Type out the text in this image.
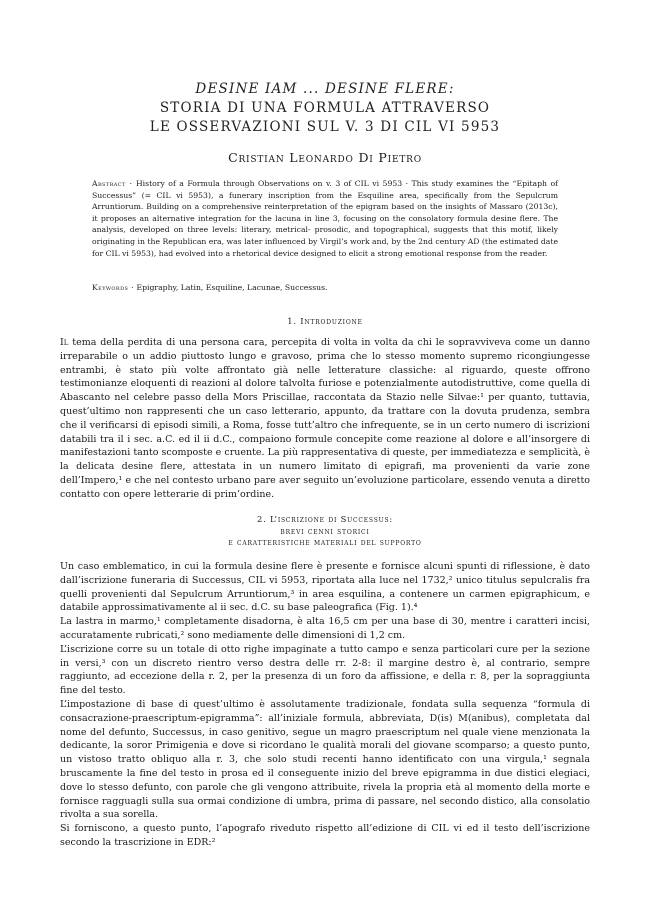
DESINE IAM ... DESINE FLERE:
STORIA DI UNA FORMULA ATTRAVERSO
LE OSSERVAZIONI SUL V. 3 DI CIL VI 5953
Cristian Leonardo Di Pietro
Abstract · History of a Formula through Observations on v. 3 of CIL vi 5953 · This study examines the “Epitaph of Successus” (= CIL vi 5953), a funerary inscription from the Esquiline area, specifically from the Sepulcrum Arruntiorum. Building on a comprehensive reinterpretation of the epigram based on the insights of Massaro (2013c), it proposes an alternative integration for the lacuna in line 3, focusing on the consolatory formula desine flere. The analysis, developed on three levels: literary, metrical- prosodic, and topographical, suggests that this motif, likely originating in the Republican era, was later influenced by Virgil’s work and, by the 2nd century AD (the estimated date for CIL vi 5953), had evolved into a rhetorical device designed to elicit a strong emotional response from the reader.
Keywords · Epigraphy, Latin, Esquiline, Lacunae, Successus.
1. Introduzione
Il tema della perdita di una persona cara, percepita di volta in volta da chi le sopravviveva come un danno irreparabile o un addio piuttosto lungo e gravoso, prima che lo stesso momento supremo ricongiungesse entrambi, è stato più volte affrontato già nelle letterature classiche: al riguardo, queste offrono testimonianze eloquenti di reazioni al dolore talvolta furiose e potenzialmente autodistruttive, come quella di Abascanto nel celebre passo della Mors Priscillae, raccontata da Stazio nelle Silvae:¹ per quanto, tuttavia, quest’ultimo non rappresenti che un caso letterario, appunto, da trattare con la dovuta prudenza, sembra che il verificarsi di episodi simili, a Roma, fosse tutt’altro che infrequente, se in un certo numero di iscrizioni databili tra il i sec. a.C. ed il ii d.C., compaiono formule concepite come reazione al dolore e all’insorgere di manifestazioni tanto scomposte e cruente. La più rappresentativa di queste, per immediatezza e semplicità, è la delicata desine flere, attestata in un numero limitato di epigrafi, ma provenienti da varie zone dell’Impero,¹ e che nel contesto urbano pare aver seguito un’evoluzione particolare, essendo venuta a diretto contatto con opere letterarie di prim’ordine.
2. L’iscrizione di Successus:
brevi cenni storici
e caratteristiche materiali del supporto

Un caso emblematico, in cui la formula desine flere è presente e fornisce alcuni spunti di riflessione, è dato dall’iscrizione funeraria di Successus, CIL vi 5953, riportata alla luce nel 1732,² unico titulus sepulcralis fra quelli provenienti dal Sepulcrum Arruntiorum,³ in area esquilina, a contenere un carmen epigraphicum, e databile approssimativamente al ii sec. d.C. su base paleografica (Fig. 1).⁴

La lastra in marmo,¹ completamente disadorna, è alta 16,5 cm per una base di 30, mentre i caratteri incisi, accuratamente rubricati,² sono mediamente delle dimensioni di 1,2 cm.

L’iscrizione corre su un totale di otto righe impaginate a tutto campo e senza particolari cure per la sezione in versi,³ con un discreto rientro verso destra delle rr. 2-8: il margine destro è, al contrario, sempre raggiunto, ad eccezione della r. 2, per la presenza di un foro da affissione, e della r. 8, per la sopraggiunta fine del testo.

L’impostazione di base di quest’ultimo è assolutamente tradizionale, fondata sulla sequenza “formula di consacrazione-praescriptum-epigramma”: all’iniziale formula, abbreviata, D(is) M(anibus), completata dal nome del defunto, Successus, in caso genitivo, segue un magro praescriptum nel quale viene menzionata la dedicante, la soror Primigenia e dove si ricordano le qualità morali del giovane scomparso; a questo punto, un vistoso tratto obliquo alla r. 3, che solo studi recenti hanno identificato con una virgula,¹ segnala bruscamente la fine del testo in prosa ed il conseguente inizio del breve epigramma in due distici elegiaci, dove lo stesso defunto, con parole che gli vengono attribuite, rivela la propria età al momento della morte e fornisce ragguagli sulla sua ormai condizione di umbra, prima di passare, nel secondo distico, alla consolatio rivolta a sua sorella.

Si forniscono, a questo punto, l’apografo riveduto rispetto all’edizione di CIL vi ed il testo dell’iscrizione secondo la trascrizione in EDR:²
